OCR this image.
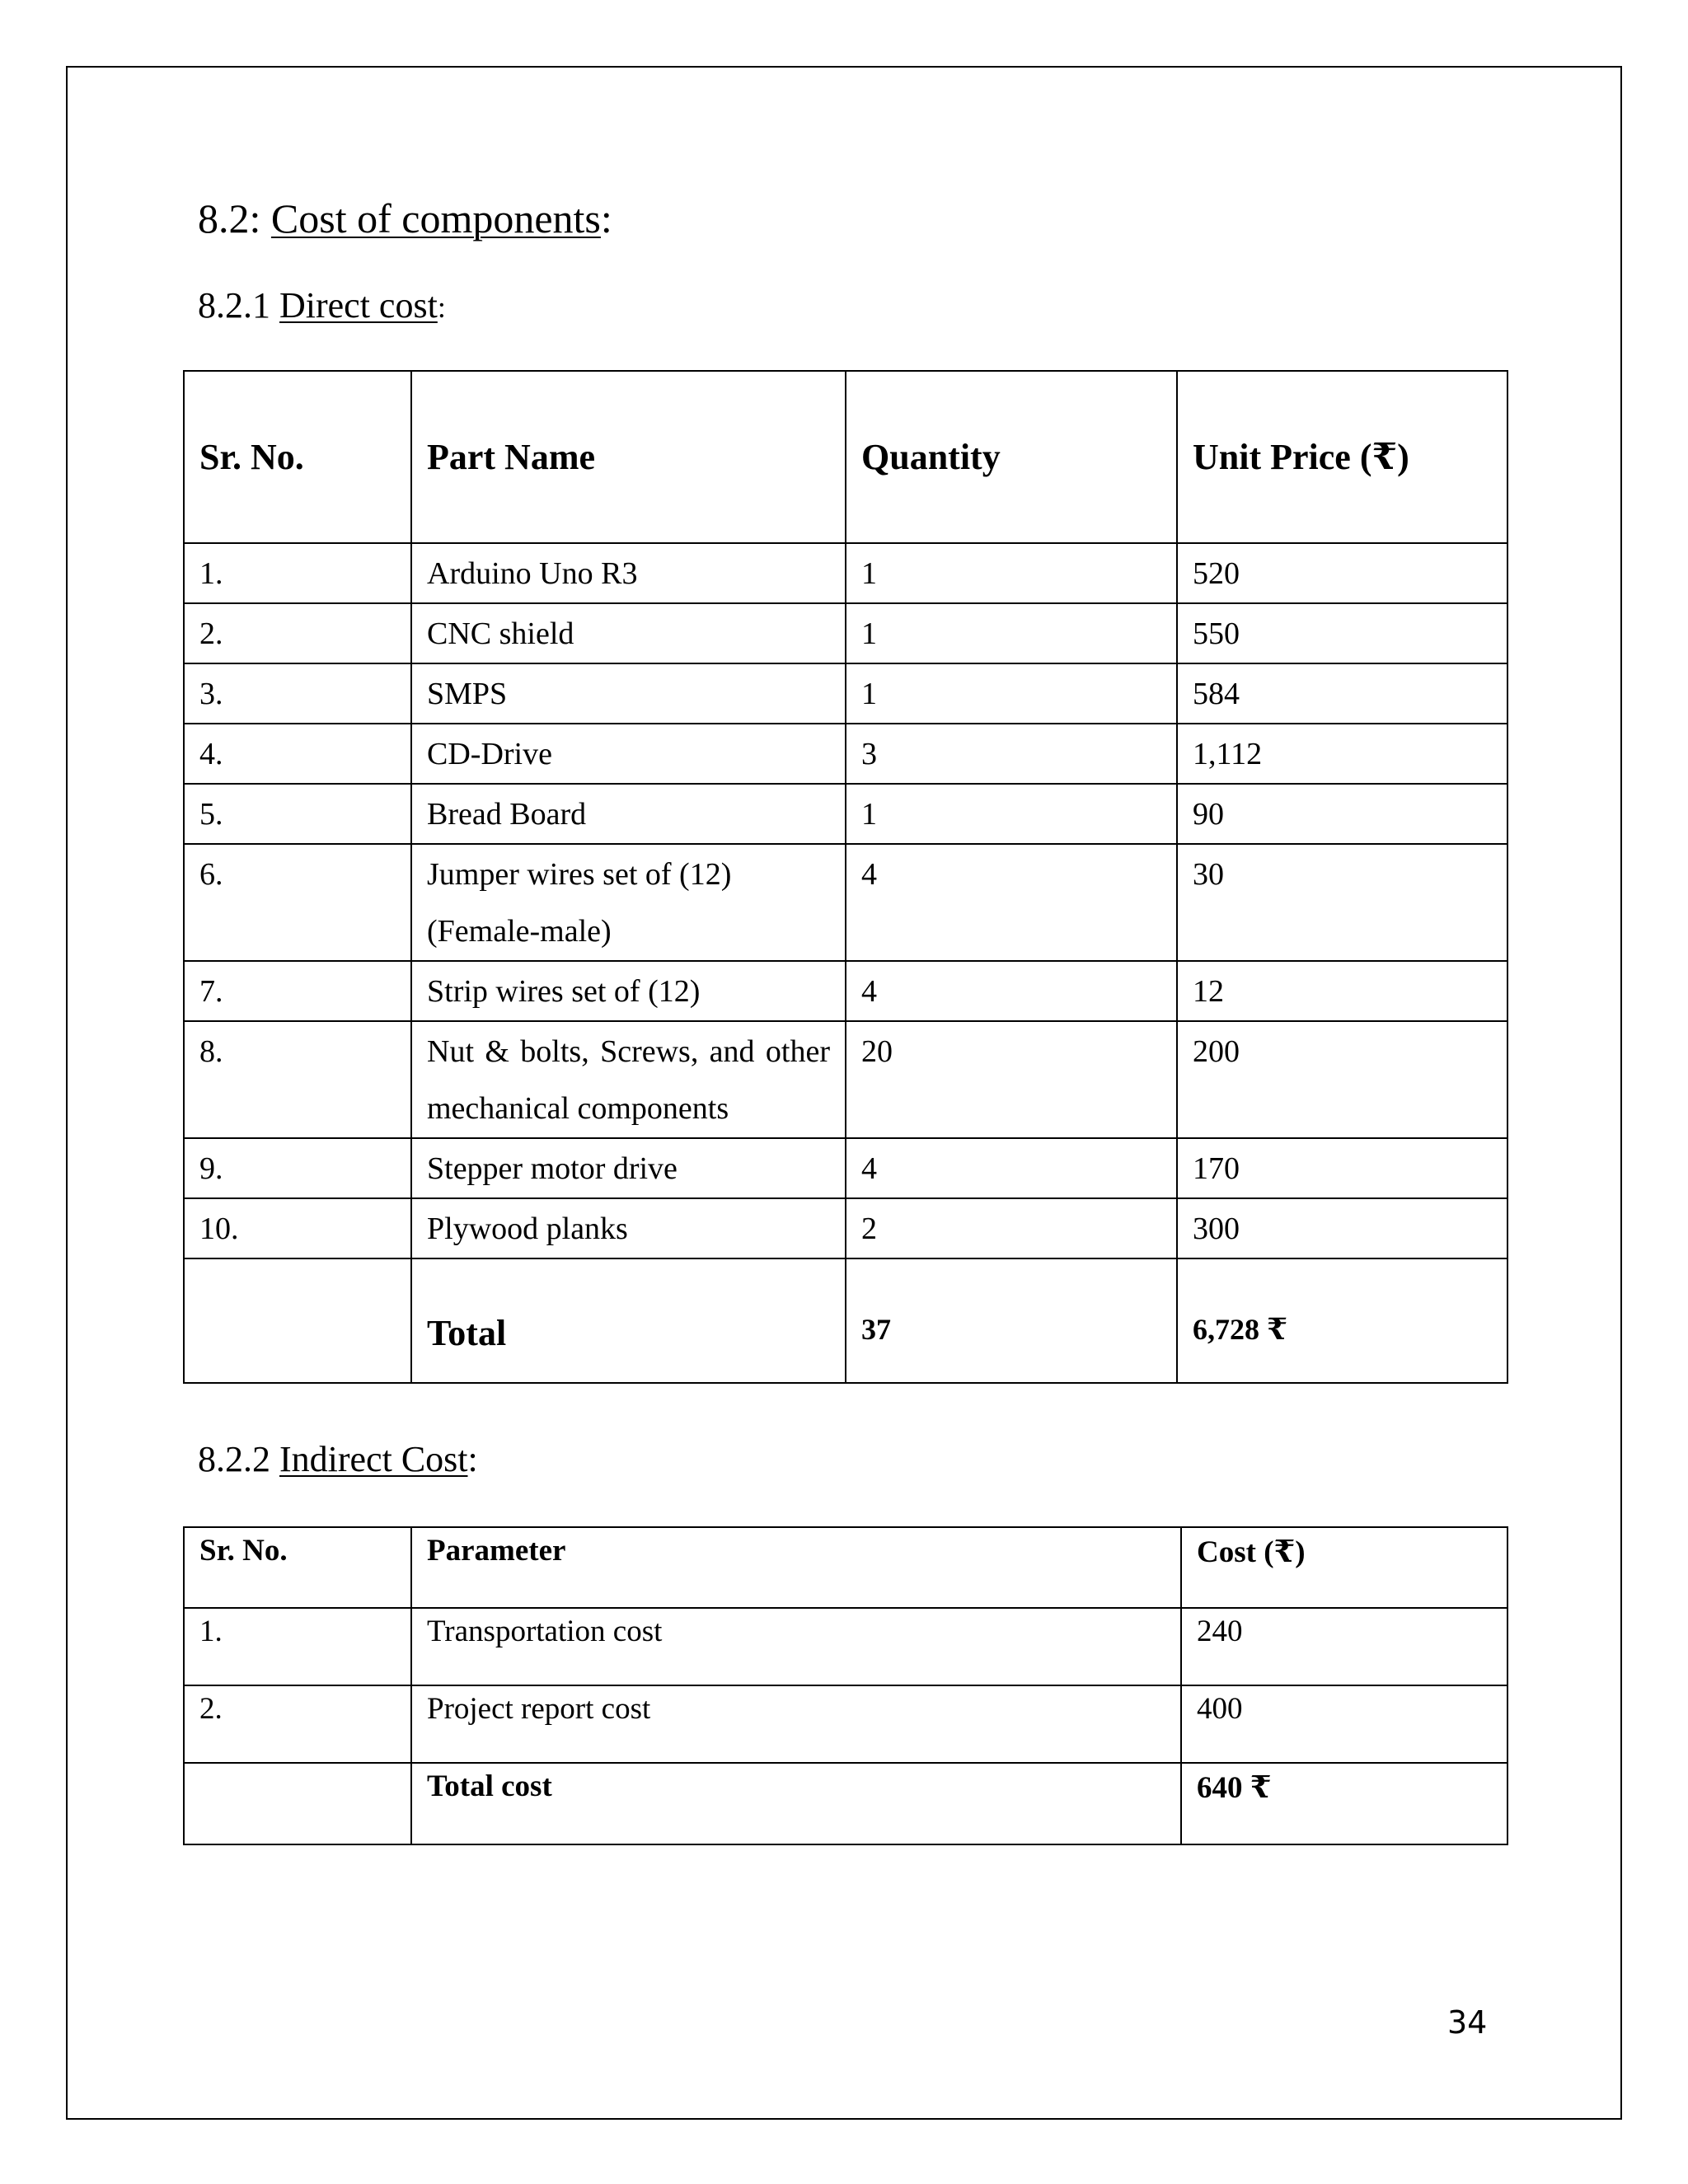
8.2: Cost of components:
8.2.1 Direct cost:
Sr. No.	Part Name	Quantity	Unit Price (₹)
1.	Arduino Uno R3	1	520
2.	CNC shield	1	550
3.	SMPS	1	584
4.	CD-Drive	3	1,112
5.	Bread Board	1	90
6.	Jumper wires set of (12) (Female-male)	4	30
7.	Strip wires set of (12)	4	12
8.	Nut & bolts, Screws, and other mechanical components	20	200
9.	Stepper motor drive	4	170
10.	Plywood planks	2	300
	Total	37	6,728 ₹
8.2.2 Indirect Cost:
Sr. No.	Parameter	Cost (₹)
1.	Transportation cost	240
2.	Project report cost	400
	Total cost	640 ₹
34
